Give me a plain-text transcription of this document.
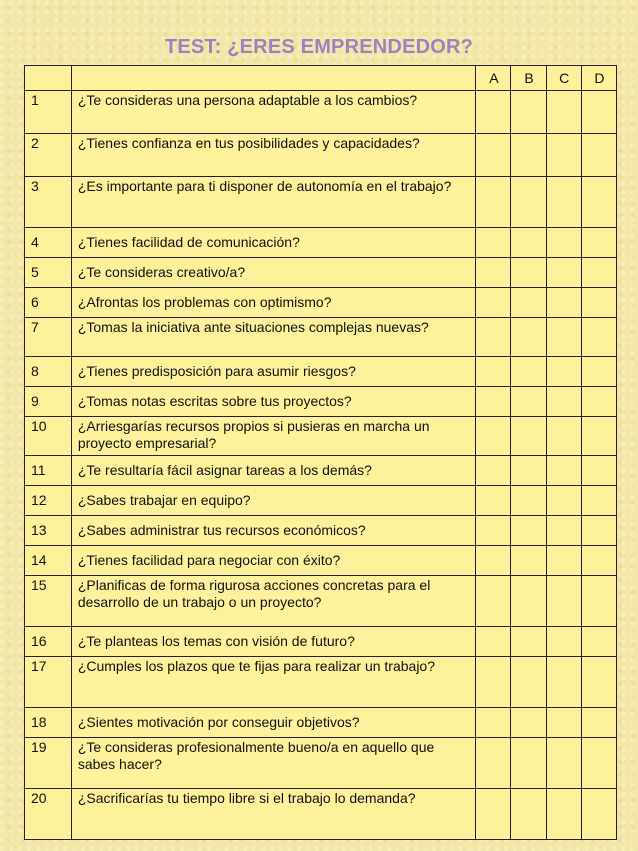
TEST: ¿ERES EMPRENDEDOR?
		A	B	C	D
1	¿Te consideras una persona adaptable a los cambios?				
2	¿Tienes confianza en tus posibilidades y capacidades?				
3	¿Es importante para ti disponer de autonomía en el trabajo?				
4	¿Tienes facilidad de comunicación?				
5	¿Te consideras creativo/a?				
6	¿Afrontas los problemas con optimismo?				
7	¿Tomas la iniciativa ante situaciones complejas nuevas?				
8	¿Tienes predisposición para asumir riesgos?				
9	¿Tomas notas escritas sobre tus proyectos?				
10	¿Arriesgarías recursos propios si pusieras en marcha un proyecto empresarial?				
11	¿Te resultaría fácil asignar tareas a los demás?				
12	¿Sabes trabajar en equipo?				
13	¿Sabes administrar tus recursos económicos?				
14	¿Tienes facilidad para negociar con éxito?				
15	¿Planificas de forma rigurosa acciones concretas para el desarrollo de un trabajo o un proyecto?				
16	¿Te planteas los temas con visión de futuro?				
17	¿Cumples los plazos que te fijas para realizar un trabajo?				
18	¿Sientes motivación por conseguir objetivos?				
19	¿Te consideras profesionalmente bueno/a en aquello que sabes hacer?				
20	¿Sacrificarías tu tiempo libre si el trabajo lo demanda?				
